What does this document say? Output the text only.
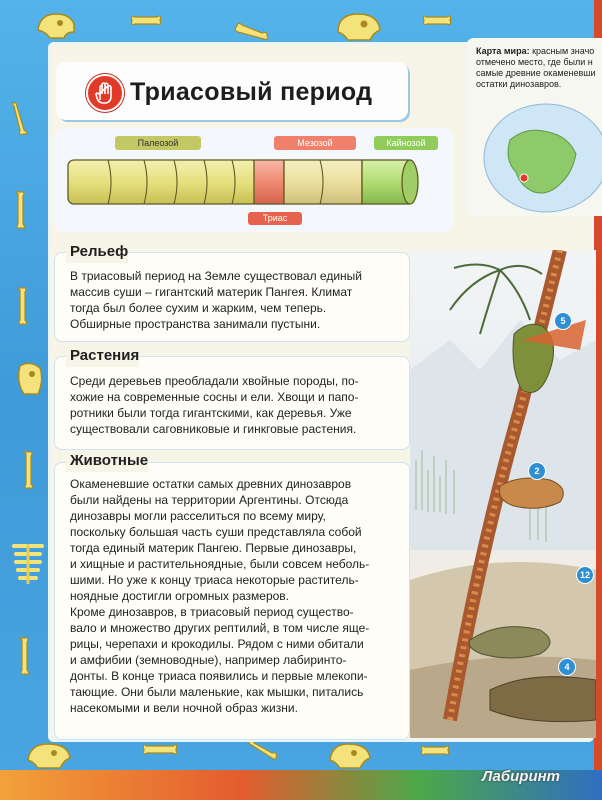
Карта мира: красным значо
отмечено место, где были н
самые древние окаменевши
остатки динозавров.
Триасовый период
Палеозой	Мезозой	Кайнозой
Триас
Рельеф
В триасовый период на Земле существовал единый
массив суши – гигантский материк Пангея. Климат
тогда был более сухим и жарким, чем теперь.
Обширные пространства занимали пустыни.
Растения
Среди деревьев преобладали хвойные породы, по-
хожие на современные сосны и ели. Хвощи и папо-
ротники были тогда гигантскими, как деревья. Уже
существовали саговниковые и гинкговые растения.
Животные
Окаменевшие остатки самых древних динозавров
были найдены на территории Аргентины. Отсюда
динозавры могли расселиться по всему миру,
поскольку большая часть суши представляла собой
тогда единый материк Пангею. Первые динозавры,
и хищные и растительноядные, были совсем неболь-
шими. Но уже к концу триаса некоторые раститель-
ноядные достигли огромных размеров.
Кроме динозавров, в триасовый период существо-
вало и множество других рептилий, в том числе яще-
рицы, черепахи и крокодилы. Рядом с ними обитали
и амфибии (земноводные), например лабиринто-
донты. В конце триаса появились и первые млекопи-
тающие. Они были маленькие, как мышки, питались
насекомыми и вели ночной образ жизни.
5
2
12
4
Лабиринт
